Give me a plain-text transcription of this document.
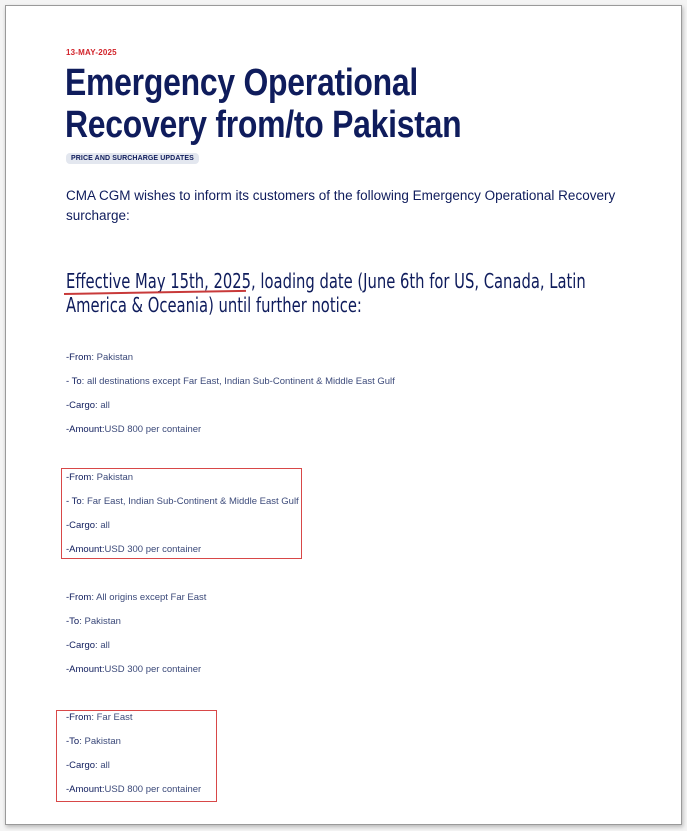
13-MAY-2025
Emergency Operational Recovery from/to Pakistan
PRICE AND SURCHARGE UPDATES

CMA CGM wishes to inform its customers of the following Emergency Operational Recovery surcharge:

Effective May 15th, 2025, loading date (June 6th for US, Canada, Latin America & Oceania) until further notice:

-From: Pakistan
- To: all destinations except Far East, Indian Sub-Continent & Middle East Gulf
-Cargo: all
-Amount:USD 800 per container
-From: Pakistan
- To: Far East, Indian Sub-Continent & Middle East Gulf
-Cargo: all
-Amount:USD 300 per container
-From: All origins except Far East
-To: Pakistan
-Cargo: all
-Amount:USD 300 per container
-From: Far East
-To: Pakistan
-Cargo: all
-Amount:USD 800 per container
